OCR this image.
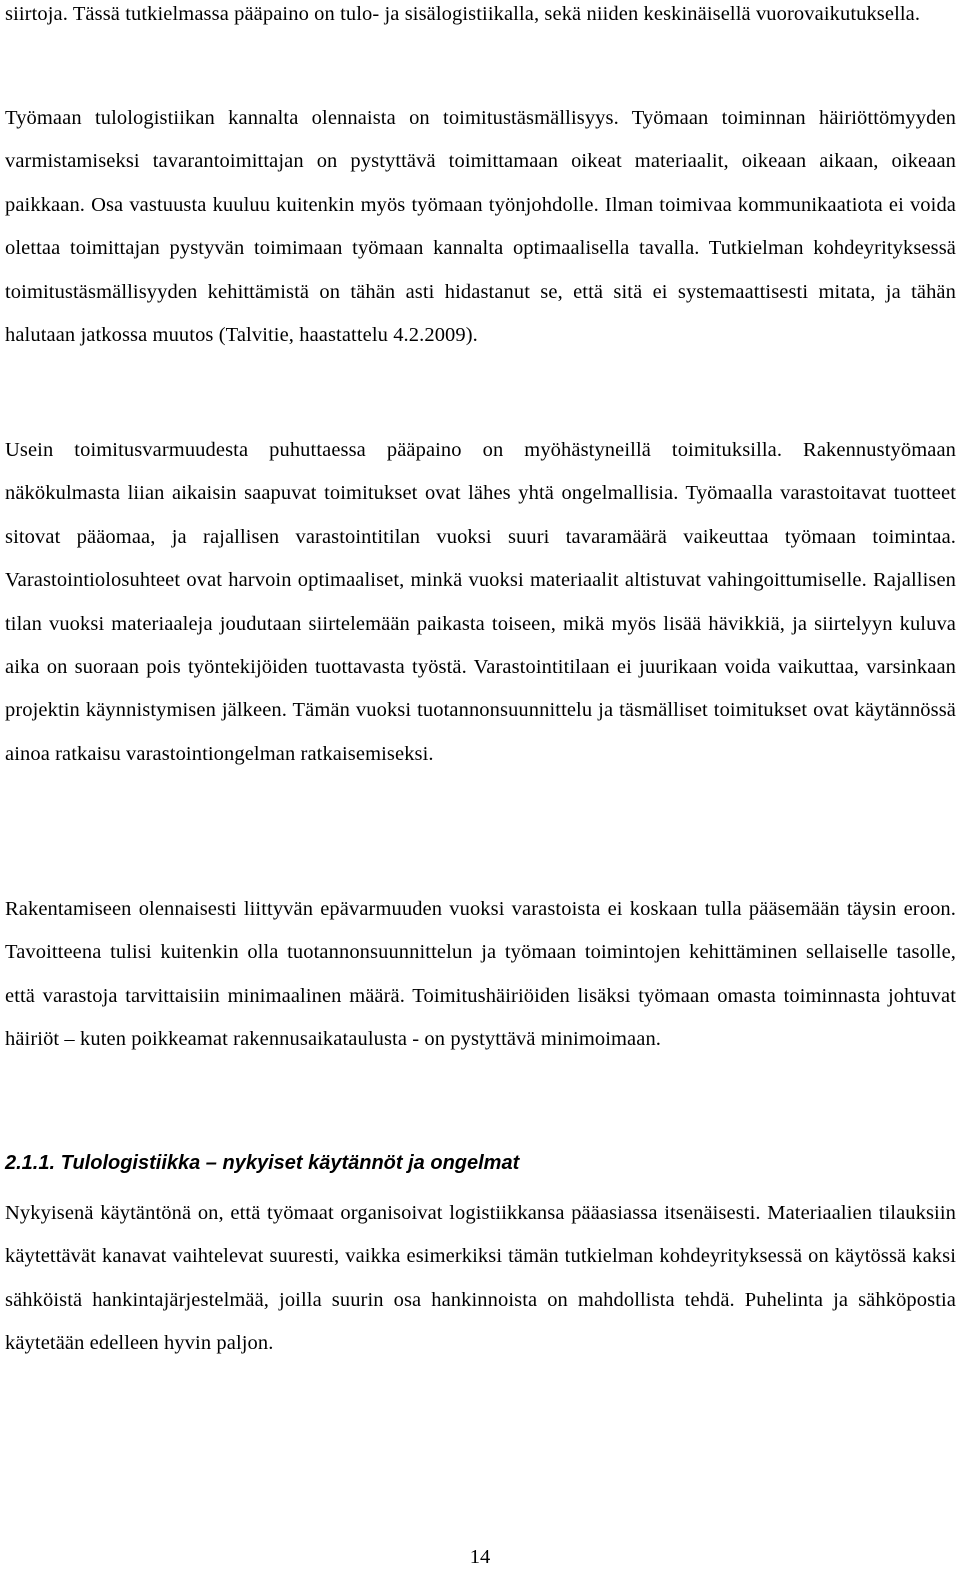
siirtoja. Tässä tutkielmassa pääpaino on tulo- ja sisälogistiikalla, sekä niiden keskinäisellä vuorovaikutuksella.

Työmaan tulologistiikan kannalta olennaista on toimitustäsmällisyys. Työmaan toiminnan häiriöttömyyden varmistamiseksi tavarantoimittajan on pystyttävä toimittamaan oikeat materiaalit, oikeaan aikaan, oikeaan paikkaan. Osa vastuusta kuuluu kuitenkin myös työmaan työnjohdolle. Ilman toimivaa kommunikaatiota ei voida olettaa toimittajan pystyvän toimimaan työmaan kannalta optimaalisella tavalla. Tutkielman kohdeyrityksessä toimitustäsmällisyyden kehittämistä on tähän asti hidastanut se, että sitä ei systemaattisesti mitata, ja tähän halutaan jatkossa muutos (Talvitie, haastattelu 4.2.2009).

Usein toimitusvarmuudesta puhuttaessa pääpaino on myöhästyneillä toimituksilla. Rakennustyömaan näkökulmasta liian aikaisin saapuvat toimitukset ovat lähes yhtä ongelmallisia. Työmaalla varastoitavat tuotteet sitovat pääomaa, ja rajallisen varastointitilan vuoksi suuri tavaramäärä vaikeuttaa työmaan toimintaa. Varastointiolosuhteet ovat harvoin optimaaliset, minkä vuoksi materiaalit altistuvat vahingoittumiselle. Rajallisen tilan vuoksi materiaaleja joudutaan siirtelemään paikasta toiseen, mikä myös lisää hävikkiä, ja siirtelyyn kuluva aika on suoraan pois työntekijöiden tuottavasta työstä. Varastointitilaan ei juurikaan voida vaikuttaa, varsinkaan projektin käynnistymisen jälkeen. Tämän vuoksi tuotannonsuunnittelu ja täsmälliset toimitukset ovat käytännössä ainoa ratkaisu varastointiongelman ratkaisemiseksi.

Rakentamiseen olennaisesti liittyvän epävarmuuden vuoksi varastoista ei koskaan tulla pääsemään täysin eroon. Tavoitteena tulisi kuitenkin olla tuotannonsuunnittelun ja työmaan toimintojen kehittäminen sellaiselle tasolle, että varastoja tarvittaisiin minimaalinen määrä. Toimitushäiriöiden lisäksi työmaan omasta toiminnasta johtuvat häiriöt – kuten poikkeamat rakennusaikataulusta - on pystyttävä minimoimaan.

2.1.1. Tulologistiikka – nykyiset käytännöt ja ongelmat

Nykyisenä käytäntönä on, että työmaat organisoivat logistiikkansa pääasiassa itsenäisesti. Materiaalien tilauksiin käytettävät kanavat vaihtelevat suuresti, vaikka esimerkiksi tämän tutkielman kohdeyrityksessä on käytössä kaksi sähköistä hankintajärjestelmää, joilla suurin osa hankinnoista on mahdollista tehdä. Puhelinta ja sähköpostia käytetään edelleen hyvin paljon.

14
